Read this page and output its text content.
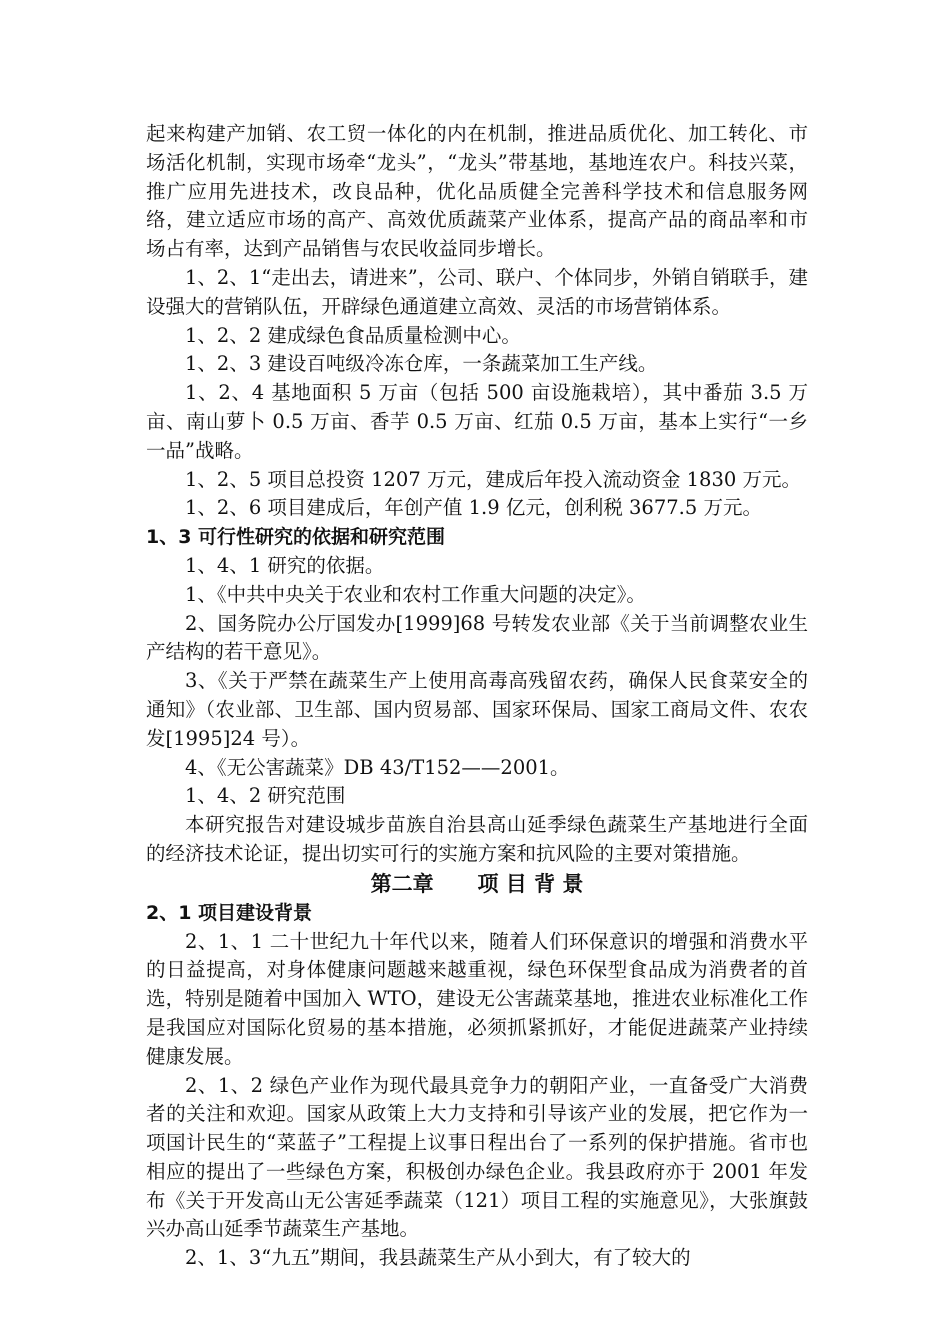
起来构建产加销、农工贸一体化的内在机制，推进品质优化、加工转化、市场活化机制，实现市场牵“龙头”，“龙头”带基地，基地连农户。科技兴菜，推广应用先进技术，改良品种，优化品质健全完善科学技术和信息服务网络，建立适应市场的高产、高效优质蔬菜产业体系，提高产品的商品率和市场占有率，达到产品销售与农民收益同步增长。

1、2、1“走出去，请进来”，公司、联户、个体同步，外销自销联手，建设强大的营销队伍，开辟绿色通道建立高效、灵活的市场营销体系。

1、2、2 建成绿色食品质量检测中心。

1、2、3 建设百吨级冷冻仓库，一条蔬菜加工生产线。

1、2、4 基地面积 5 万亩（包括 500 亩设施栽培），其中番茄 3.5 万亩、南山萝卜 0.5 万亩、香芋 0.5 万亩、红茄 0.5 万亩，基本上实行“一乡一品”战略。

1、2、5 项目总投资 1207 万元，建成后年投入流动资金 1830 万元。

1、2、6 项目建成后，年创产值 1.9 亿元，创利税 3677.5 万元。

1、3 可行性研究的依据和研究范围

1、4、1 研究的依据。

1、《中共中央关于农业和农村工作重大问题的决定》。

2、国务院办公厅国发办[1999]68 号转发农业部《关于当前调整农业生产结构的若干意见》。

3、《关于严禁在蔬菜生产上使用高毒高残留农药，确保人民食菜安全的通知》（农业部、卫生部、国内贸易部、国家环保局、国家工商局文件、农农发[1995]24 号）。

4、《无公害蔬菜》DB 43/T152——2001。

1、4、2 研究范围

本研究报告对建设城步苗族自治县高山延季绿色蔬菜生产基地进行全面的经济技术论证，提出切实可行的实施方案和抗风险的主要对策措施。

第二章      项 目 背 景

2、1 项目建设背景

2、1、1 二十世纪九十年代以来，随着人们环保意识的增强和消费水平的日益提高，对身体健康问题越来越重视，绿色环保型食品成为消费者的首选，特别是随着中国加入 WTO，建设无公害蔬菜基地，推进农业标准化工作是我国应对国际化贸易的基本措施，必须抓紧抓好，才能促进蔬菜产业持续健康发展。

2、1、2 绿色产业作为现代最具竞争力的朝阳产业，一直备受广大消费者的关注和欢迎。国家从政策上大力支持和引导该产业的发展，把它作为一项国计民生的“菜蓝子”工程提上议事日程出台了一系列的保护措施。省市也相应的提出了一些绿色方案，积极创办绿色企业。我县政府亦于 2001 年发布《关于开发高山无公害延季蔬菜（121）项目工程的实施意见》，大张旗鼓兴办高山延季节蔬菜生产基地。

2、1、3“九五”期间，我县蔬菜生产从小到大，有了较大的
